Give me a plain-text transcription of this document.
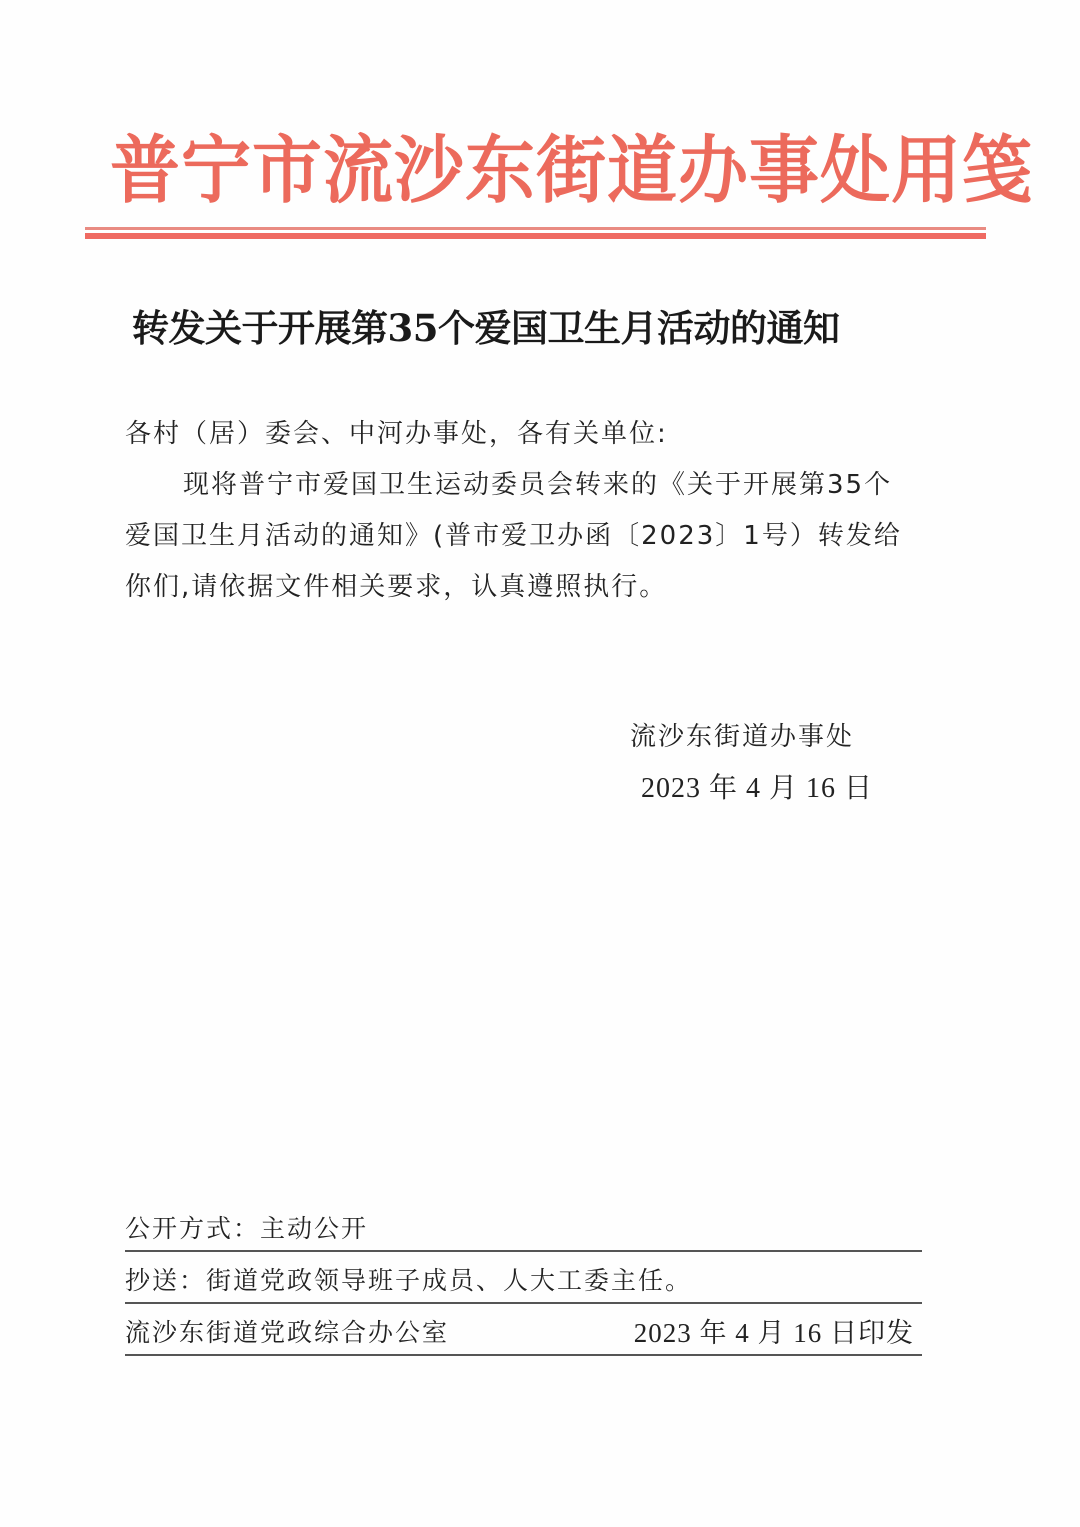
普宁市流沙东街道办事处用笺
转发关于开展第35个爱国卫生月活动的通知
各村（居）委会、中河办事处，各有关单位:
现将普宁市爱国卫生运动委员会转来的《关于开展第35个
爱国卫生月活动的通知》(普市爱卫办函〔2023〕1号）转发给
你们,请依据文件相关要求，认真遵照执行。
流沙东街道办事处
2023 年 4 月 16 日
公开方式：主动公开
抄送：街道党政领导班子成员、人大工委主任。
流沙东街道党政综合办公室	2023 年 4 月 16 日印发
